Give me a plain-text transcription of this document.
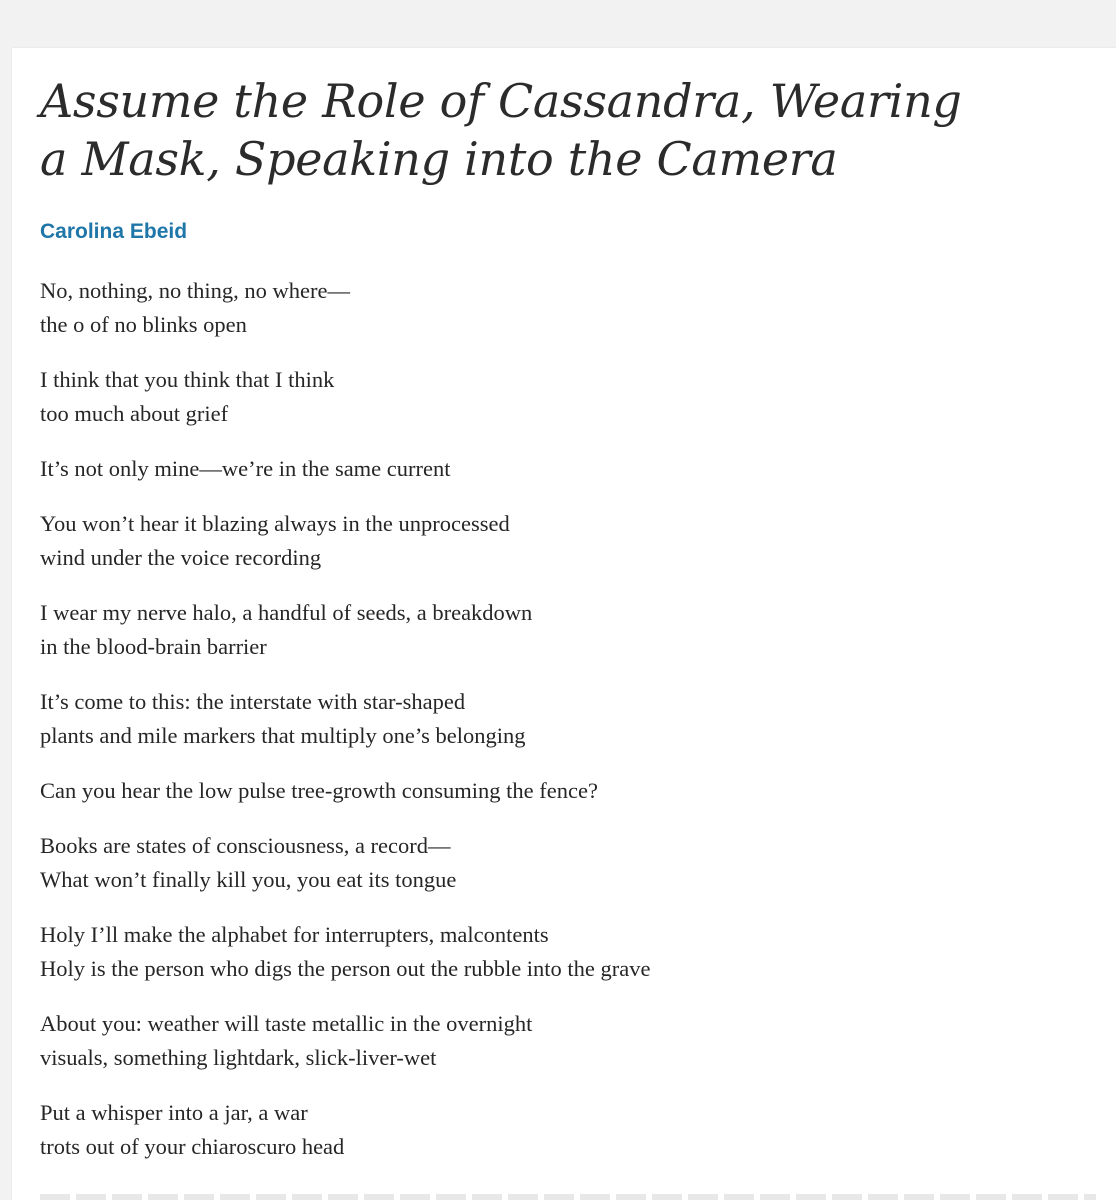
Assume the Role of Cassandra, Wearing
a Mask, Speaking into the Camera
Carolina Ebeid

No, nothing, no thing, no where—
the o of no blinks open

I think that you think that I think
too much about grief

It’s not only mine—we’re in the same current

You won’t hear it blazing always in the unprocessed
wind under the voice recording

I wear my nerve halo, a handful of seeds, a breakdown
in the blood-brain barrier

It’s come to this: the interstate with star-shaped
plants and mile markers that multiply one’s belonging

Can you hear the low pulse tree-growth consuming the fence?

Books are states of consciousness, a record—
What won’t finally kill you, you eat its tongue

Holy I’ll make the alphabet for interrupters, malcontents
Holy is the person who digs the person out the rubble into the grave

About you: weather will taste metallic in the overnight
visuals, something lightdark, slick-liver-wet

Put a whisper into a jar, a war
trots out of your chiaroscuro head
